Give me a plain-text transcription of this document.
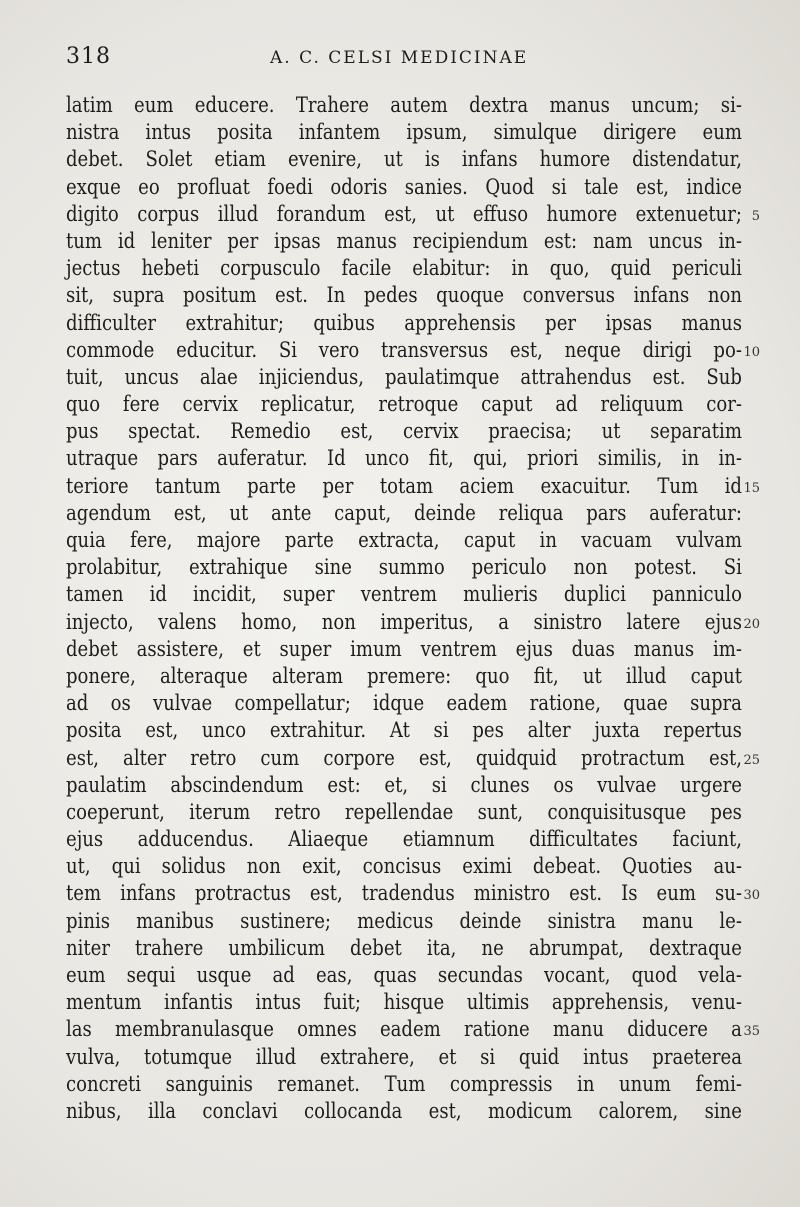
318	A. C. CELSI MEDICINAE
latim eum educere. Trahere autem dextra manus uncum; si-
nistra intus posita infantem ipsum, simulque dirigere eum
debet. Solet etiam evenire, ut is infans humore distendatur,
exque eo profluat foedi odoris sanies. Quod si tale est, indice
digito corpus illud forandum est, ut effuso humore extenuetur; 5
tum id leniter per ipsas manus recipiendum est: nam uncus in-
jectus hebeti corpusculo facile elabitur: in quo, quid periculi
sit, supra positum est. In pedes quoque conversus infans non
difficulter extrahitur; quibus apprehensis per ipsas manus
commode educitur. Si vero transversus est, neque dirigi po- 10
tuit, uncus alae injiciendus, paulatimque attrahendus est. Sub
quo fere cervix replicatur, retroque caput ad reliquum cor-
pus spectat. Remedio est, cervix praecisa; ut separatim
utraque pars auferatur. Id unco fit, qui, priori similis, in in-
teriore tantum parte per totam aciem exacuitur. Tum id 15
agendum est, ut ante caput, deinde reliqua pars auferatur:
quia fere, majore parte extracta, caput in vacuam vulvam
prolabitur, extrahique sine summo periculo non potest. Si
tamen id incidit, super ventrem mulieris duplici panniculo
injecto, valens homo, non imperitus, a sinistro latere ejus 20
debet assistere, et super imum ventrem ejus duas manus im-
ponere, alteraque alteram premere: quo fit, ut illud caput
ad os vulvae compellatur; idque eadem ratione, quae supra
posita est, unco extrahitur. At si pes alter juxta repertus
est, alter retro cum corpore est, quidquid protractum est, 25
paulatim abscindendum est: et, si clunes os vulvae urgere
coeperunt, iterum retro repellendae sunt, conquisitusque pes
ejus adducendus. Aliaeque etiamnum difficultates faciunt,
ut, qui solidus non exit, concisus eximi debeat. Quoties au-
tem infans protractus est, tradendus ministro est. Is eum su- 30
pinis manibus sustinere; medicus deinde sinistra manu le-
niter trahere umbilicum debet ita, ne abrumpat, dextraque
eum sequi usque ad eas, quas secundas vocant, quod vela-
mentum infantis intus fuit; hisque ultimis apprehensis, venu-
las membranulasque omnes eadem ratione manu diducere a 35
vulva, totumque illud extrahere, et si quid intus praeterea
concreti sanguinis remanet. Tum compressis in unum femi-
nibus, illa conclavi collocanda est, modicum calorem, sine
